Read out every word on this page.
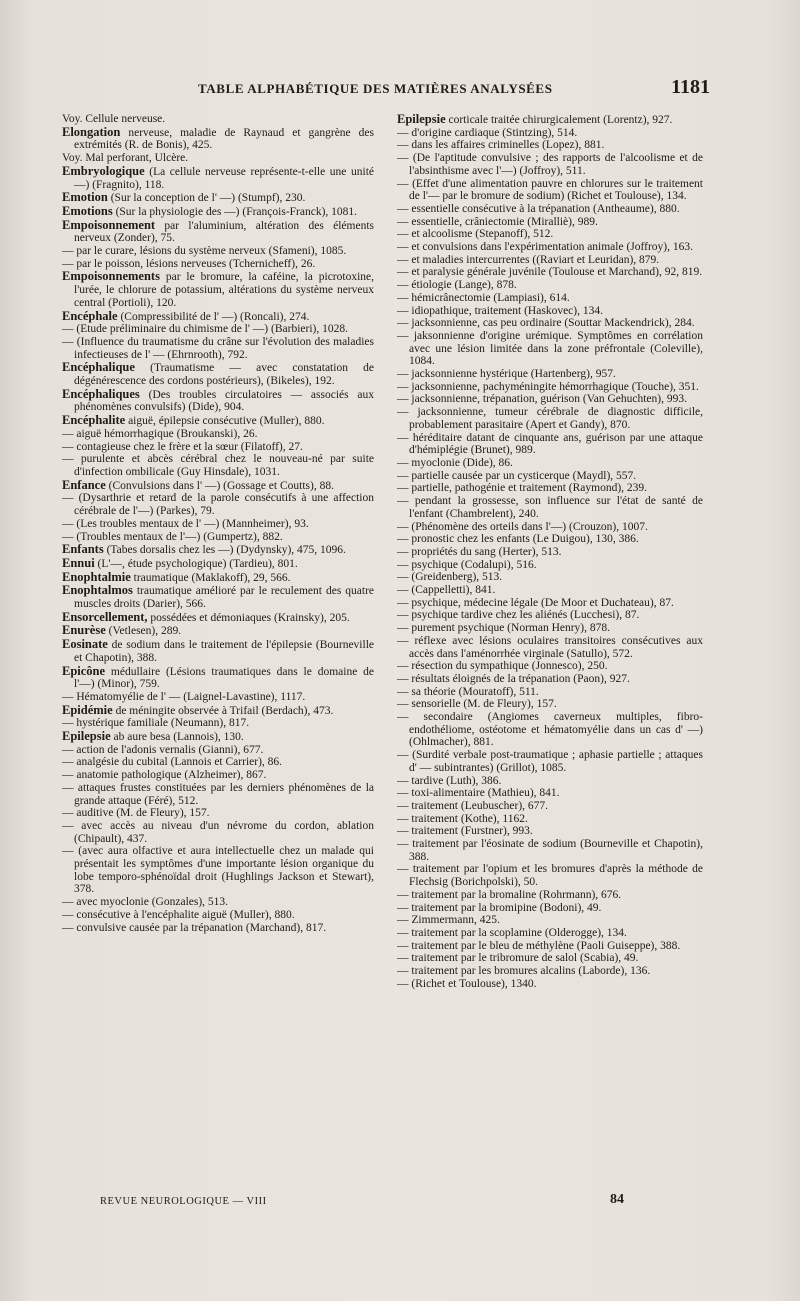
TABLE ALPHABÉTIQUE DES MATIÈRES ANALYSÉES	1181

Voy. Cellule nerveuse.

Elongation nerveuse, maladie de Raynaud et gangrène des extrémités (R. de Bonis), 425.

Voy. Mal perforant, Ulcère.

Embryologique (La cellule nerveuse représente-t-elle une unité —) (Fragnito), 118.

Emotion (Sur la conception de l' —) (Stumpf), 230.

Emotions (Sur la physiologie des —) (François-Franck), 1081.

Empoisonnement par l'aluminium, altération des éléments nerveux (Zonder), 75.

— par le curare, lésions du système nerveux (Sfameni), 1085.

— par le poisson, lésions nerveuses (Tchernicheff), 26.

Empoisonnements par le bromure, la caféine, la picrotoxine, l'urée, le chlorure de potassium, altérations du système nerveux central (Portioli), 120.

Encéphale (Compressibilité de l' —) (Roncali), 274.

— (Etude préliminaire du chimisme de l' —) (Barbieri), 1028.

— (Influence du traumatisme du crâne sur l'évolution des maladies infectieuses de l' — (Ehrnrooth), 792.

Encéphalique (Traumatisme — avec constatation de dégénérescence des cordons postérieurs), (Bikeles), 192.

Encéphaliques (Des troubles circulatoires — associés aux phénomènes convulsifs) (Dide), 904.

Encéphalite aiguë, épilepsie consécutive (Muller), 880.

— aiguë hémorrhagique (Broukanski), 26.

— contagieuse chez le frère et la sœur (Filatoff), 27.

— purulente et abcès cérébral chez le nouveau-né par suite d'infection ombilicale (Guy Hinsdale), 1031.

Enfance (Convulsions dans l' —) (Gossage et Coutts), 88.

— (Dysarthrie et retard de la parole consécutifs à une affection cérébrale de l'—) (Parkes), 79.

— (Les troubles mentaux de l' —) (Mannheimer), 93.

— (Troubles mentaux de l'—) (Gumpertz), 882.

Enfants (Tabes dorsalis chez les —) (Dydynsky), 475, 1096.

Ennui (L'—, étude psychologique) (Tardieu), 801.

Enophtalmie traumatique (Maklakoff), 29, 566.

Enophtalmos traumatique amélioré par le reculement des quatre muscles droits (Darier), 566.

Ensorcellement, possédées et démoniaques (Krainsky), 205.

Enurèse (Vetlesen), 289.

Eosinate de sodium dans le traitement de l'épilepsie (Bourneville et Chapotin), 388.

Epicône médullaire (Lésions traumatiques dans le domaine de l'—) (Minor), 759.

— Hématomyélie de l' — (Laignel-Lavastine), 1117.

Epidémie de méningite observée à Trifail (Berdach), 473.

— hystérique familiale (Neumann), 817.

Epilepsie ab aure besa (Lannois), 130.

— action de l'adonis vernalis (Gianni), 677.

— analgésie du cubital (Lannois et Carrier), 86.

— anatomie pathologique (Alzheimer), 867.

— attaques frustes constituées par les derniers phénomènes de la grande attaque (Féré), 512.

— auditive (M. de Fleury), 157.

— avec accès au niveau d'un névrome du cordon, ablation (Chipault), 437.

— (avec aura olfactive et aura intellectuelle chez un malade qui présentait les symptômes d'une importante lésion organique du lobe temporo-sphénoïdal droit (Hughlings Jackson et Stewart), 378.

— avec myoclonie (Gonzales), 513.

— consécutive à l'encéphalite aiguë (Muller), 880.

— convulsive causée par la trépanation (Marchand), 817.

Epilepsie corticale traitée chirurgicalement (Lorentz), 927.

— d'origine cardiaque (Stintzing), 514.

— dans les affaires criminelles (Lopez), 881.

— (De l'aptitude convulsive ; des rapports de l'alcoolisme et de l'absinthisme avec l'—) (Joffroy), 511.

— (Effet d'une alimentation pauvre en chlorures sur le traitement de l'— par le bromure de sodium) (Richet et Toulouse), 134.

— essentielle consécutive à la trépanation (Antheaume), 880.

— essentielle, crâniectomie (Miralliè), 989.

— et alcoolisme (Stepanoff), 512.

— et convulsions dans l'expérimentation animale (Joffroy), 163.

— et maladies intercurrentes ((Raviart et Leuridan), 879.

— et paralysie générale juvénile (Toulouse et Marchand), 92, 819.

— étiologie (Lange), 878.

— hémicrânectomie (Lampiasi), 614.

— idiopathique, traitement (Haskovec), 134.

— jacksonnienne, cas peu ordinaire (Souttar Mackendrick), 284.

— jaksonnienne d'origine urémique. Symptômes en corrélation avec une lésion limitée dans la zone préfrontale (Coleville), 1084.

— jacksonnienne hystérique (Hartenberg), 957.

— jacksonnienne, pachyméningite hémorrhagique (Touche), 351.

— jacksonnienne, trépanation, guérison (Van Gehuchten), 993.

— jacksonnienne, tumeur cérébrale de diagnostic difficile, probablement parasitaire (Apert et Gandy), 870.

— héréditaire datant de cinquante ans, guérison par une attaque d'hémiplégie (Brunet), 989.

— myoclonie (Dide), 86.

— partielle causée par un cysticerque (Maydl), 557.

— partielle, pathogénie et traitement (Raymond), 239.

— pendant la grossesse, son influence sur l'état de santé de l'enfant (Chambrelent), 240.

— (Phénomène des orteils dans l'—) (Crouzon), 1007.

— pronostic chez les enfants (Le Duigou), 130, 386.

— propriétés du sang (Herter), 513.

— psychique (Codalupi), 516.

— (Greidenberg), 513.

— (Cappelletti), 841.

— psychique, médecine légale (De Moor et Duchateau), 87.

— psychique tardive chez les aliénés (Lucchesi), 87.

— purement psychique (Norman Henry), 878.

— réflexe avec lésions oculaires transitoires consécutives aux accès dans l'aménorrhée virginale (Satullo), 572.

— résection du sympathique (Jonnesco), 250.

— résultats éloignés de la trépanation (Paon), 927.

— sa théorie (Mouratoff), 511.

— sensorielle (M. de Fleury), 157.

— secondaire (Angiomes caverneux multiples, fibro-endothéliome, ostéotome et hématomyélie dans un cas d' —) (Ohlmacher), 881.

— (Surdité verbale post-traumatique ; aphasie partielle ; attaques d' — subintrantes) (Grillot), 1085.

— tardive (Luth), 386.

— toxi-alimentaire (Mathieu), 841.

— traitement (Leubuscher), 677.

— traitement (Kothe), 1162.

— traitement (Furstner), 993.

— traitement par l'éosinate de sodium (Bourneville et Chapotin), 388.

— traitement par l'opium et les bromures d'après la méthode de Flechsig (Borichpolski), 50.

— traitement par la bromaline (Rohrmann), 676.

— traitement par la bromipine (Bodoni), 49.

— Zimmermann, 425.

— traitement par la scoplamine (Olderogge), 134.

— traitement par le bleu de méthylène (Paoli Guiseppe), 388.

— traitement par le tribromure de salol (Scabia), 49.

— traitement par les bromures alcalins (Laborde), 136.

— (Richet et Toulouse), 1340.

REVUE NEUROLOGIQUE — VIII	84
